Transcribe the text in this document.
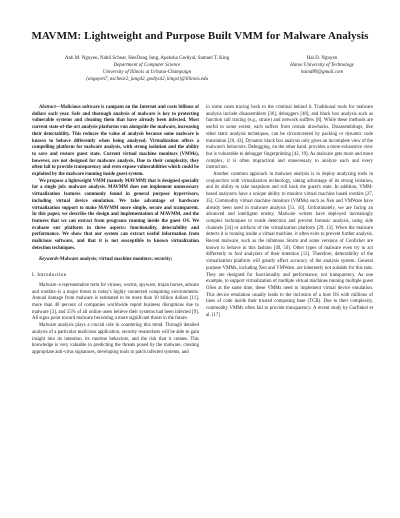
MAVMM: Lightweight and Purpose Built VMM for Malware Analysis
Anh M. Nguyen, Nabil Schear, HeeDong Jung, Apeksha Godiyal, Samuel T. King
Department of Computer Science
University of Illinois at Urbana-Champaign
{anguyen7, nschear2, jung42, godiyal2, kingst}@illinois.edu
Hai D. Nguyen
Hanoi University of Technology
haind89@gmail.com

Abstract—Malicious software is rampant on the Internet and costs billions of dollars each year. Safe and thorough analysis of malware is key to protecting vulnerable systems and cleaning them that have already been infected. Most current state-of-the-art analysis platforms run alongside the malware, increasing their detectability. This reduces the value of analysis because some malware is known to behave differently when being analyzed. Virtualization offers a compelling platform for malware analysis, with strong isolation and the ability to save and restore guest state. Current virtual machine monitors (VMMs), however, are not designed for malware analysis. Due to their complexity, they often fail to provide transparency and even expose vulnerabilities which could be exploited by the malware running inside guest system.

We propose a lightweight VMM (namely MAVMM) that is designed specially for a single job: malware analysis. MAVMM does not implement unnecessary virtualization features commonly found in general purpose hypervisors, including virtual device emulation. We take advantage of hardware virtualization support to make MAVMM more simple, secure and transparent. In this paper, we describe the design and implementation of MAVMM, and the features that we can extract from programs running inside the guest OS. We evaluate our platform in three aspects: functionality, detectability and performance. We show that our system can extract useful information from malicious software, and that it is not susceptible to known virtualization detection techniques.

Keywords-Malware analysis; virtual machine monitors; security;

I. Introduction

Malware–a representative term for viruses, worms, spyware, trojan horses, adware and rootkits–is a major threat to today's highly connected computing environments. Annual damage from malware is estimated to be more than 10 billion dollars [11], more than 40 percent of companies worldwide report business disruptions due to malware [3], and 55% of all online users believe their systems had been infected [9]. All signs point toward malware becoming a more significant threat in the future.

Malware analysis plays a crucial role in countering this trend. Through detailed analysis of a particular malicious application, security researchers will be able to gain insight into its intention, its runtime behaviors, and the risk that it creates. This knowledge is very valuable in predicting the threats posed by the malware, creating appropriate anti-virus signatures, developing tools to patch infected systems, and

in some cases tracing back to the criminal behind it. Traditional tools for malware analysis include disassemblers [36], debuggers [48], and black box analysis such as function call tracing (e.g., strace) and network sniffers [8]. While these methods are useful to some extent, each suffers from certain drawbacks. Disassemblings, like other static analysis techniques, can be circumvented by packing or dynamic code translation [26, 43]. Dynamic black box analysis only gives an incomplete view of the malware's behaviors. Debugging, on the other hand, provides a more exhaustive view but is vulnerable to debugger fingerprinting [42, 19]. As malware gets more and more complex, it is often impractical and unnecessary to analyze each and every instruction.

Another common approach in malware analysis is to deploy analyzing tools in conjunction with virtualization technology, taking advantage of its strong isolation, and its ability to take snapshots and roll back the guest's state. In addition, VMM-based analyzers have a unique ability to monitor virtual machine based rootkits [27, 35]. Commodity virtual machine monitors (VMMs) such as Xen and VMWare have already been used in malware analysis [51, 10]. Unfortunately, we are facing an advanced and intelligent enemy. Malware writers have deployed increasingly complex techniques to evade detection and prevent forensic analysis, using side channels [34] or artifacts of the virtualization platform [29, 13]. When the malware detects it is running inside a virtual machine, it often exits to prevent further analysis. Recent malware, such as the infamous Storm and some versions of Conficker are known to behave in this fashion [49, 50]. Other types of malware even try to act differently to fool analyzers of their intention [12]. Therefore, detectability of the virtualization platform will greatly affect accuracy of the analysis system. General purpose VMMs, including Xen and VMWare, are inherently not suitable for this task. They are designed for functionality and performance, not transparency. As one example, to support virtualization of multiple virtual machines running multiple guest OSes at the same time, these VMMs need to implement virtual device emulation. This device emulation usually leads to the inclusion of a host OS with millions of lines of code inside their trusted computing base (TCB). Due to their complexity, commodity VMMs often fail to provide transparency. A recent study by Garfinkel et al. [17]
